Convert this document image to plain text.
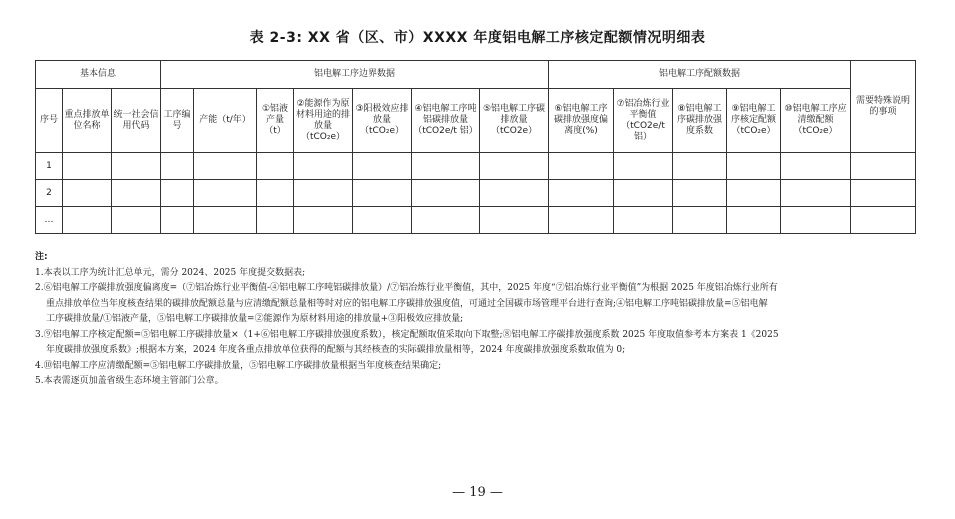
表 2-3: XX 省（区、市）XXXX 年度铝电解工序核定配额情况明细表
基本信息			铝电解工序边界数据							铝电解工序配额数据					需要特殊说明的事项
序号	重点排放单位名称	统一社会信用代码	工序编号	产能（t/年）	①铝液产量（t）	②能源作为原材料用途的排放量（tCO₂e）	③阳极效应排放量（tCO₂e）	④铝电解工序吨铝碳排放量（tCO2e/t 铝）	⑤铝电解工序碳排放量（tCO2e）	⑥铝电解工序碳排放强度偏离度(%)	⑦铝冶炼行业平衡值（tCO2e/t 铝）	⑧铝电解工序碳排放强度系数	⑨铝电解工序核定配额（tCO₂e）	⑩铝电解工序应清缴配额（tCO₂e）	
1															
2															
…															

注:

1.本表以工序为统计汇总单元，需分 2024、2025 年度提交数据表;

2.⑥铝电解工序碳排放强度偏离度=（⑦铝冶炼行业平衡值-④铝电解工序吨铝碳排放量）/⑦铝冶炼行业平衡值，其中，2025 年度“⑦铝冶炼行业平衡值”为根据 2025 年度铝冶炼行业所有

重点排放单位当年度核查结果的碳排放配额总量与应清缴配额总量相等时对应的铝电解工序碳排放强度值，可通过全国碳市场管理平台进行查询;④铝电解工序吨铝碳排放量=⑤铝电解

工序碳排放量/①铝液产量，⑤铝电解工序碳排放量=②能源作为原材料用途的排放量+③阳极效应排放量;

3.⑨铝电解工序核定配额=⑤铝电解工序碳排放量×（1+⑥铝电解工序碳排放强度系数），核定配额取值采取向下取整;⑧铝电解工序碳排放强度系数 2025 年度取值参考本方案表 1《2025

年度碳排放强度系数》;根据本方案，2024 年度各重点排放单位获得的配额与其经核查的实际碳排放量相等，2024 年度碳排放强度系数取值为 0;

4.⑩铝电解工序应清缴配额=⑤铝电解工序碳排放量，⑤铝电解工序碳排放量根据当年度核查结果确定;

5.本表需逐页加盖省级生态环境主管部门公章。

— 19 —
